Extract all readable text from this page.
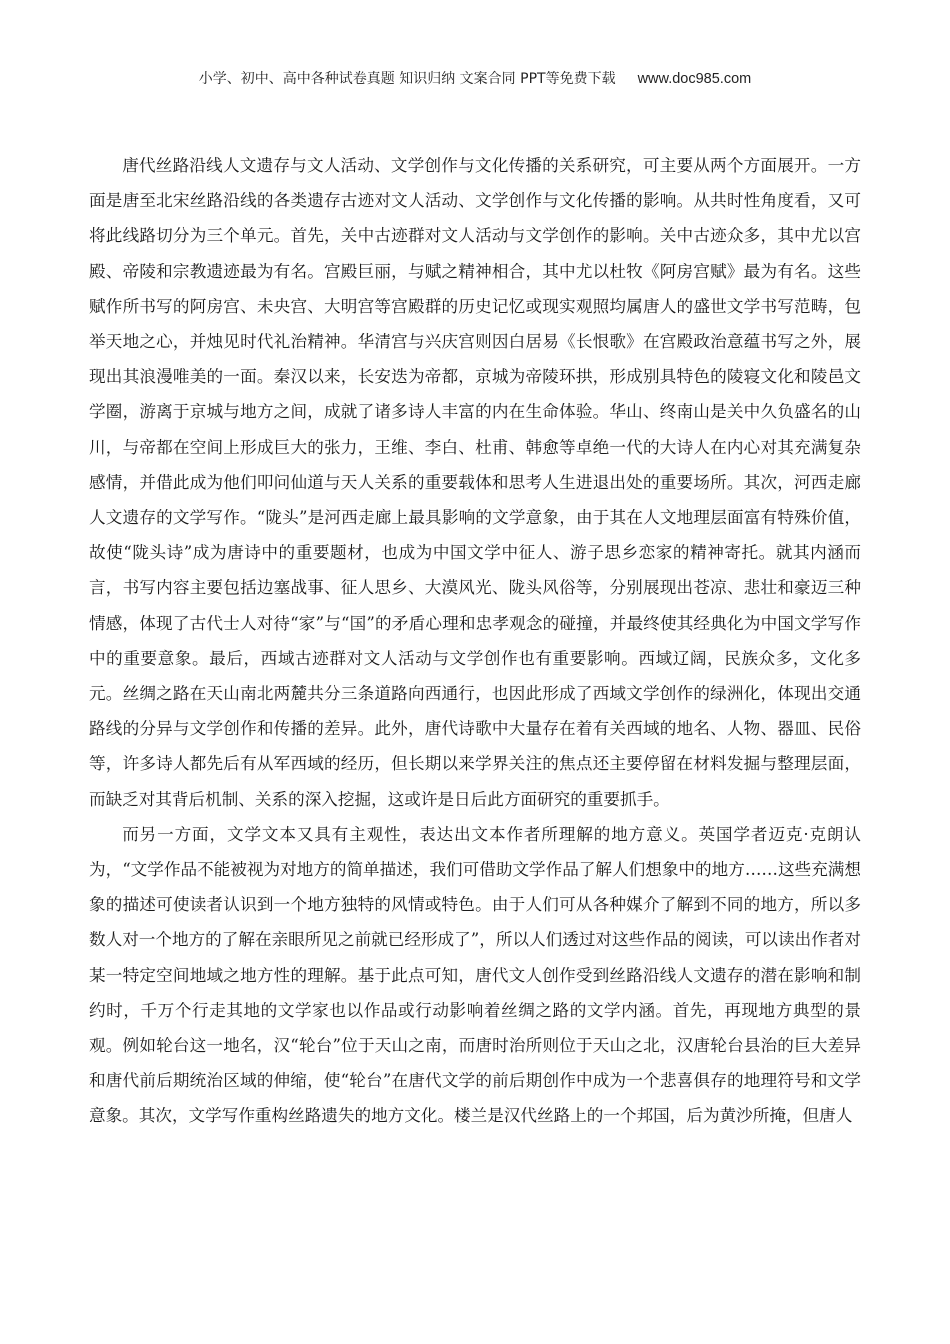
小学、初中、高中各种试卷真题 知识归纳 文案合同 PPT等免费下载 www.doc985.com

唐代丝路沿线人文遗存与文人活动、文学创作与文化传播的关系研究，可主要从两个方面展开。一方面是唐至北宋丝路沿线的各类遗存古迹对文人活动、文学创作与文化传播的影响。从共时性角度看，又可将此线路切分为三个单元。首先，关中古迹群对文人活动与文学创作的影响。关中古迹众多，其中尤以宫殿、帝陵和宗教遗迹最为有名。宫殿巨丽，与赋之精神相合，其中尤以杜牧《阿房宫赋》最为有名。这些赋作所书写的阿房宫、未央宫、大明宫等宫殿群的历史记忆或现实观照均属唐人的盛世文学书写范畴，包举天地之心，并烛见时代礼治精神。华清宫与兴庆宫则因白居易《长恨歌》在宫殿政治意蕴书写之外，展现出其浪漫唯美的一面。秦汉以来，长安迭为帝都，京城为帝陵环拱，形成别具特色的陵寝文化和陵邑文学圈，游离于京城与地方之间，成就了诸多诗人丰富的内在生命体验。华山、终南山是关中久负盛名的山川，与帝都在空间上形成巨大的张力，王维、李白、杜甫、韩愈等卓绝一代的大诗人在内心对其充满复杂感情，并借此成为他们叩问仙道与天人关系的重要载体和思考人生进退出处的重要场所。其次，河西走廊人文遗存的文学写作。“陇头”是河西走廊上最具影响的文学意象，由于其在人文地理层面富有特殊价值，故使“陇头诗”成为唐诗中的重要题材，也成为中国文学中征人、游子思乡恋家的精神寄托。就其内涵而言，书写内容主要包括边塞战事、征人思乡、大漠风光、陇头风俗等，分别展现出苍凉、悲壮和豪迈三种情感，体现了古代士人对待“家”与“国”的矛盾心理和忠孝观念的碰撞，并最终使其经典化为中国文学写作中的重要意象。最后，西域古迹群对文人活动与文学创作也有重要影响。西域辽阔，民族众多，文化多元。丝绸之路在天山南北两麓共分三条道路向西通行，也因此形成了西域文学创作的绿洲化，体现出交通路线的分异与文学创作和传播的差异。此外，唐代诗歌中大量存在着有关西域的地名、人物、器皿、民俗等，许多诗人都先后有从军西域的经历，但长期以来学界关注的焦点还主要停留在材料发掘与整理层面，而缺乏对其背后机制、关系的深入挖掘，这或许是日后此方面研究的重要抓手。

而另一方面，文学文本又具有主观性，表达出文本作者所理解的地方意义。英国学者迈克·克朗认为，“文学作品不能被视为对地方的简单描述，我们可借助文学作品了解人们想象中的地方……这些充满想象的描述可使读者认识到一个地方独特的风情或特色。由于人们可从各种媒介了解到不同的地方，所以多数人对一个地方的了解在亲眼所见之前就已经形成了”，所以人们透过对这些作品的阅读，可以读出作者对某一特定空间地域之地方性的理解。基于此点可知，唐代文人创作受到丝路沿线人文遗存的潜在影响和制约时，千万个行走其地的文学家也以作品或行动影响着丝绸之路的文学内涵。首先，再现地方典型的景观。例如轮台这一地名，汉“轮台”位于天山之南，而唐时治所则位于天山之北，汉唐轮台县治的巨大差异和唐代前后期统治区域的伸缩，使“轮台”在唐代文学的前后期创作中成为一个悲喜俱存的地理符号和文学意象。其次，文学写作重构丝路遗失的地方文化。楼兰是汉代丝路上的一个邦国，后为黄沙所掩，但唐人
